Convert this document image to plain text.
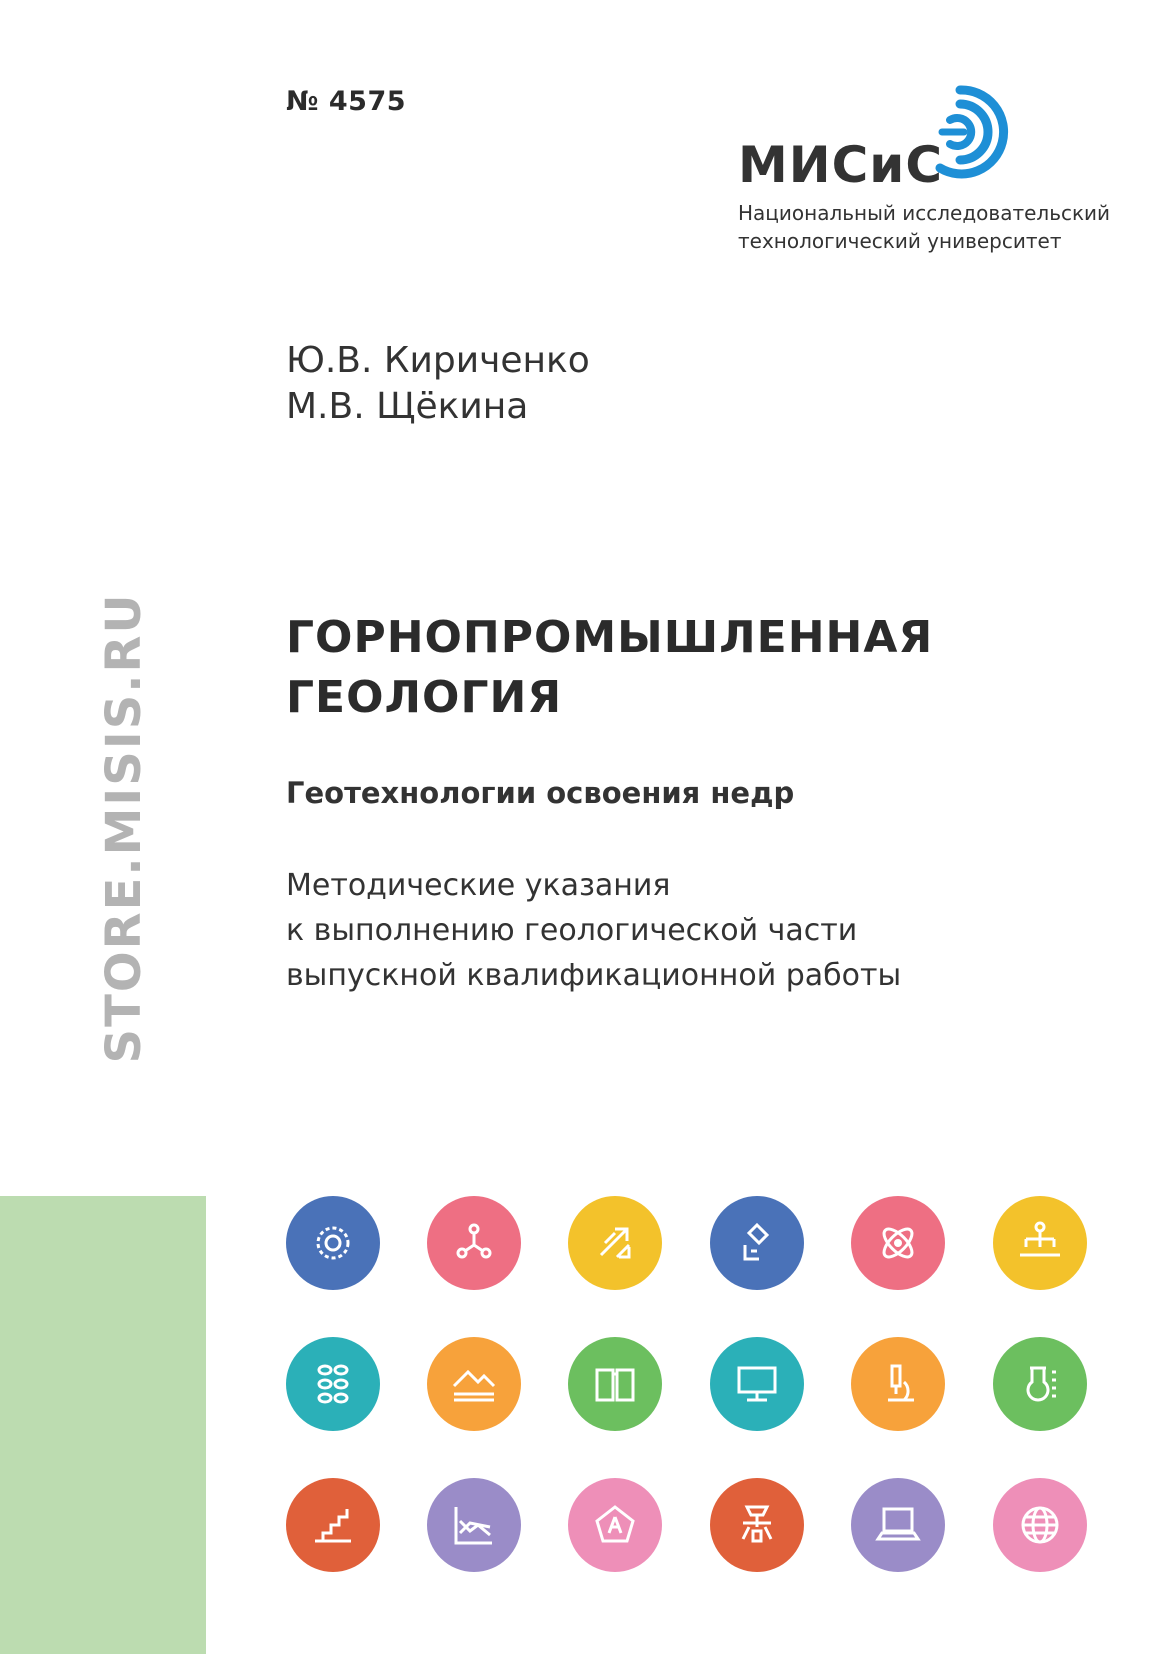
№ 4575
МИСиС
Национальный исследовательский
технологический университет
Ю.В. Кириченко
М.В. Щёкина
ГОРНОПРОМЫШЛЕННАЯ
ГЕОЛОГИЯ
Геотехнологии освоения недр
Методические указания
к выполнению геологической части
выпускной квалификационной работы
STORE.MISIS.RU
